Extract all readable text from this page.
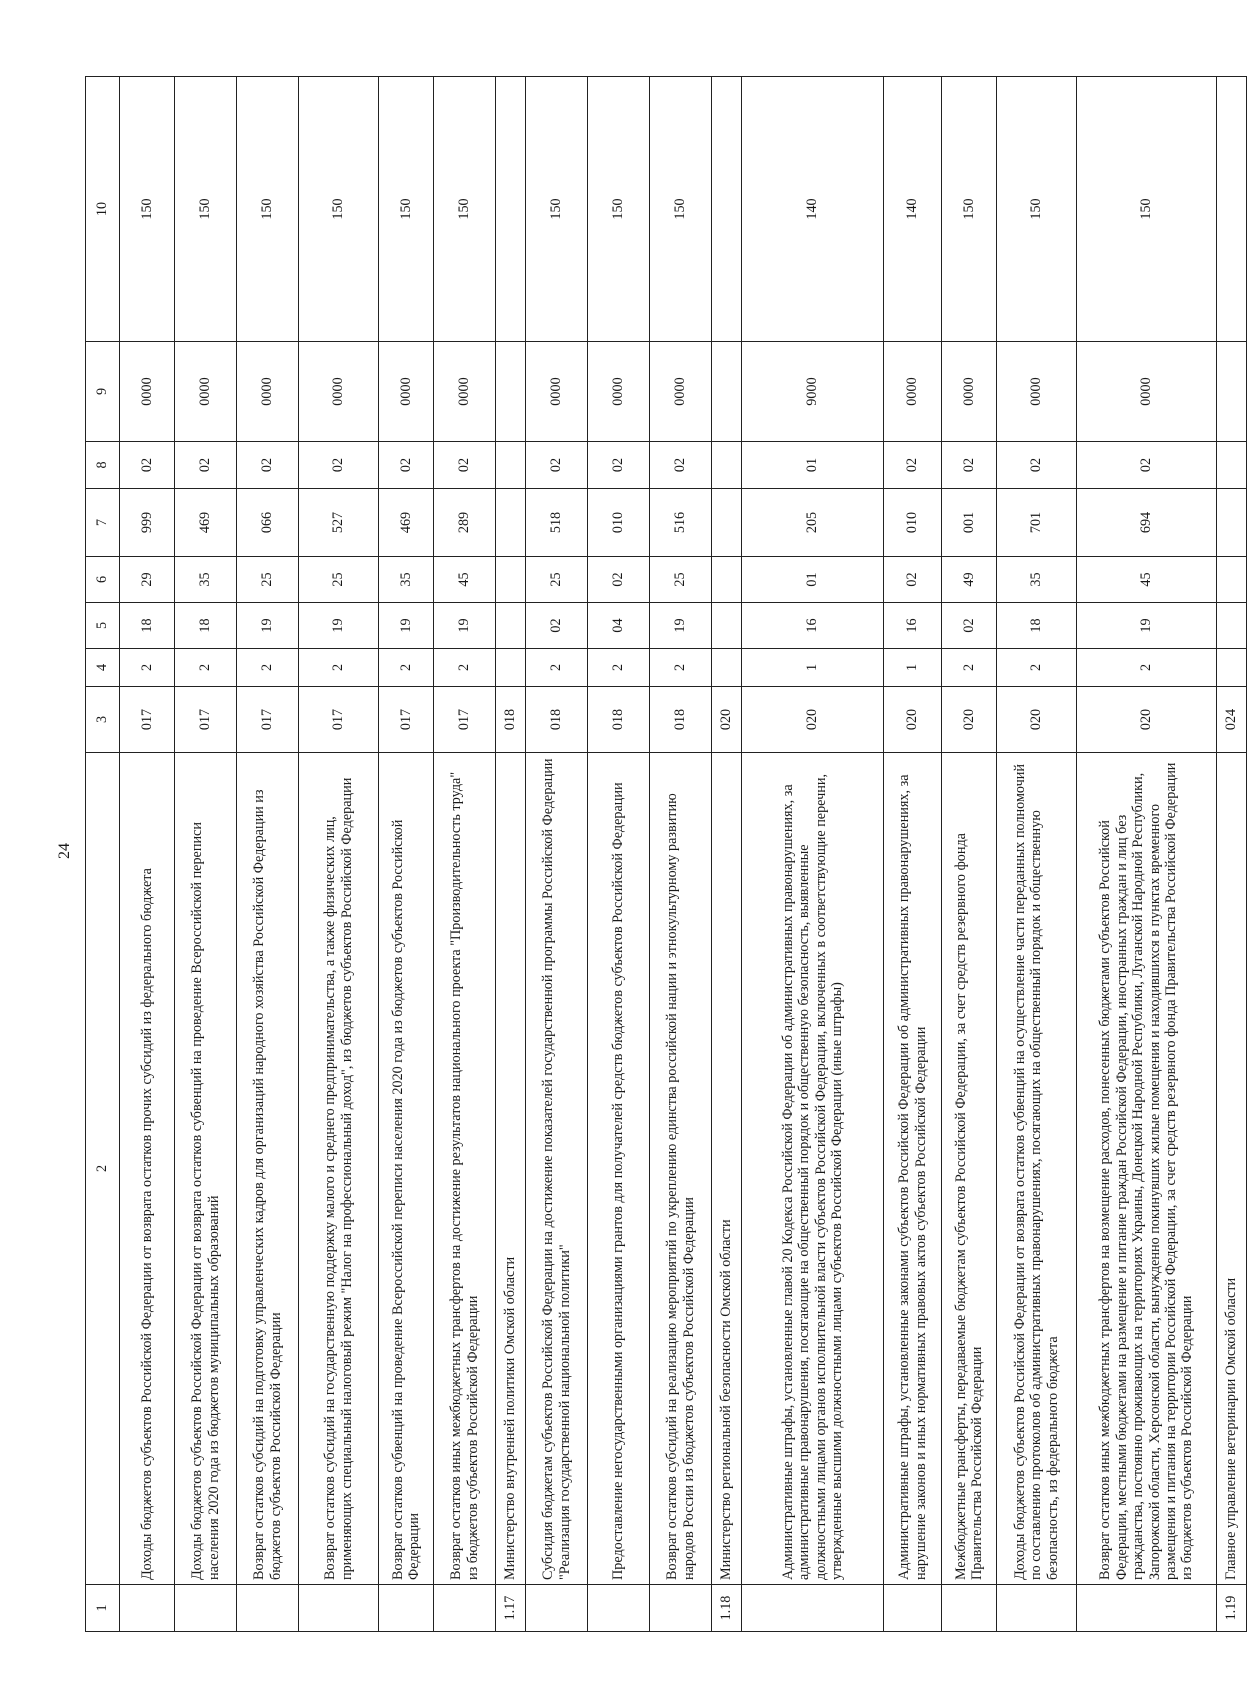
24
1	2	3	4	5	6	7	8	9	10
	Доходы бюджетов субъектов Российской Федерации от возврата остатков прочих субсидий из федерального бюджета	017	2	18	29	999	02	0000	150
	Доходы бюджетов субъектов Российской Федерации от возврата остатков субвенций на проведение Всероссийской переписи населения 2020 года из бюджетов муниципальных образований	017	2	18	35	469	02	0000	150
	Возврат остатков субсидий на подготовку управленческих кадров для организаций народного хозяйства Российской Федерации из бюджетов субъектов Российской Федерации	017	2	19	25	066	02	0000	150
	Возврат остатков субсидий на государственную поддержку малого и среднего предпринимательства, а также физических лиц, применяющих специальный налоговый режим "Налог на профессиональный доход", из бюджетов субъектов Российской Федерации	017	2	19	25	527	02	0000	150
	Возврат остатков субвенций на проведение Всероссийской переписи населения 2020 года из бюджетов субъектов Российской Федерации	017	2	19	35	469	02	0000	150
	Возврат остатков иных межбюджетных трансфертов на достижение результатов национального проекта "Производительность труда" из бюджетов субъектов Российской Федерации	017	2	19	45	289	02	0000	150
1.17	Министерство внутренней политики Омской области	018							
	Субсидия бюджетам субъектов Российской Федерации на достижение показателей государственной программы Российской Федерации "Реализация государственной национальной политики"	018	2	02	25	518	02	0000	150
	Предоставление негосударственными организациями грантов для получателей средств бюджетов субъектов Российской Федерации	018	2	04	02	010	02	0000	150
	Возврат остатков субсидий на реализацию мероприятий по укреплению единства российской нации и этнокультурному развитию народов России из бюджетов субъектов Российской Федерации	018	2	19	25	516	02	0000	150
1.18	Министерство региональной безопасности Омской области	020							
	Административные штрафы, установленные главой 20 Кодекса Российской Федерации об административных правонарушениях, за административные правонарушения, посягающие на общественный порядок и общественную безопасность, выявленные должностными лицами органов исполнительной власти субъектов Российской Федерации, включенных в соответствующие перечни, утвержденные высшими должностными лицами субъектов Российской Федерации (иные штрафы)	020	1	16	01	205	01	9000	140
	Административные штрафы, установленные законами субъектов Российской Федерации об административных правонарушениях, за нарушение законов и иных нормативных правовых актов субъектов Российской Федерации	020	1	16	02	010	02	0000	140
	Межбюджетные трансферты, передаваемые бюджетам субъектов Российской Федерации, за счет средств резервного фонда Правительства Российской Федерации	020	2	02	49	001	02	0000	150
	Доходы бюджетов субъектов Российской Федерации от возврата остатков субвенций на осуществление части переданных полномочий по составлению протоколов об административных правонарушениях, посягающих на общественный порядок и общественную безопасность, из федерального бюджета	020	2	18	35	701	02	0000	150
	Возврат остатков иных межбюджетных трансфертов на возмещение расходов, понесенных бюджетами субъектов Российской Федерации, местными бюджетами на размещение и питание граждан Российской Федерации, иностранных граждан и лиц без гражданства, постоянно проживающих на территориях Украины, Донецкой Народной Республики, Луганской Народной Республики, Запорожской области, Херсонской области, вынужденно покинувших жилые помещения и находившихся в пунктах временного размещения и питания на территории Российской Федерации, за счет средств резервного фонда Правительства Российской Федерации из бюджетов субъектов Российской Федерации	020	2	19	45	694	02	0000	150
1.19	Главное управление ветеринарии Омской области	024							
